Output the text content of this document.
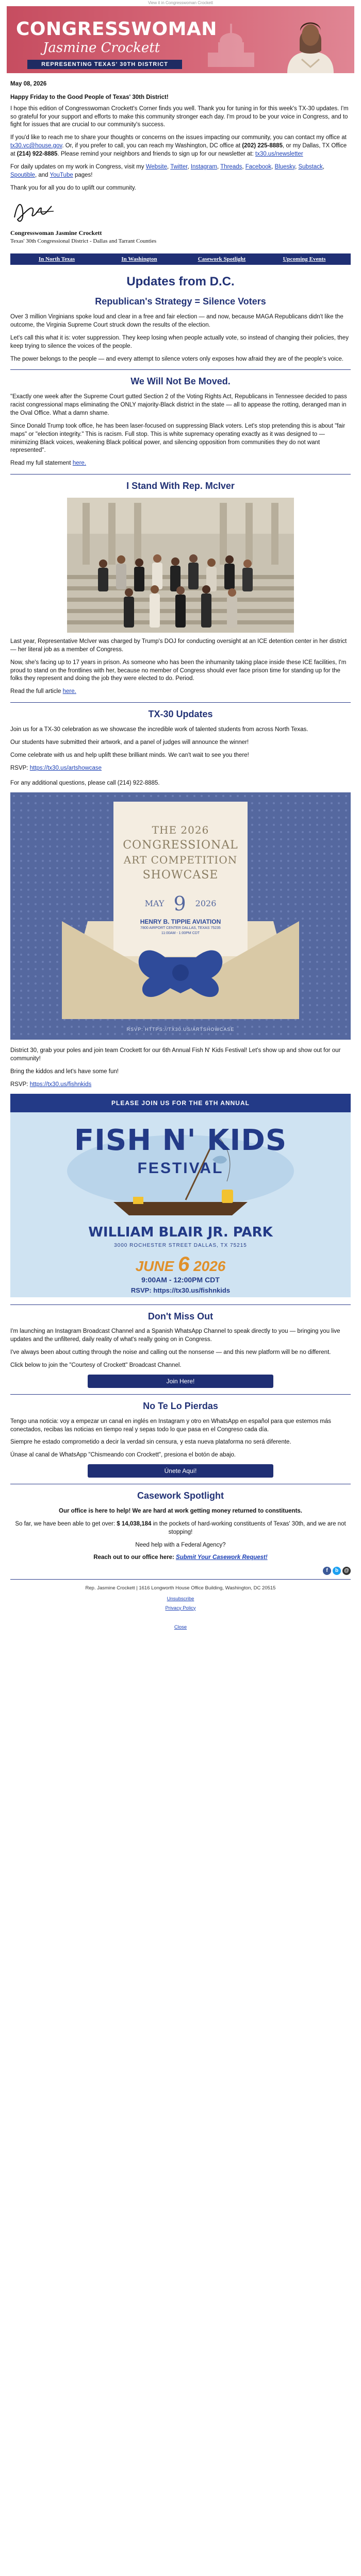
View it in Congresswoman Crockett
CONGRESSWOMAN
Jasmine Crockett
REPRESENTING TEXAS' 30TH DISTRICT
May 08, 2026
Happy Friday to the Good People of Texas' 30th District!
I hope this edition of Congresswoman Crockett's Corner finds you well. Thank you for tuning in for this week's TX-30 updates. I'm so grateful for your support and efforts to make this community stronger each day. I'm proud to be your voice in Congress, and to fight for issues that are crucial to our community's success.
If you'd like to reach me to share your thoughts or concerns on the issues impacting our community, you can contact my office at tx30.vc@house.gov. Or, if you prefer to call, you can reach my Washington, DC office at (202) 225-8885, or my Dallas, TX Office at (214) 922-8885. Please remind your neighbors and friends to sign up for our newsletter at: tx30.us/newsletter
For daily updates on my work in Congress, visit my Website, Twitter, Instagram, Threads, Facebook, Bluesky, Substack, Spoutible, and YouTube pages!
Thank you for all you do to uplift our community.
Congresswoman Jasmine Crockett
Texas' 30th Congressional District - Dallas and Tarrant Counties
In North Texas	In Washington	Casework Spotlight	Upcoming Events
Updates from D.C.
Republican's Strategy = Silence Voters
Over 3 million Virginians spoke loud and clear in a free and fair election — and now, because MAGA Republicans didn't like the outcome, the Virginia Supreme Court struck down the results of the election.
Let's call this what it is: voter suppression. They keep losing when people actually vote, so instead of changing their policies, they keep trying to silence the voices of the people.
The power belongs to the people — and every attempt to silence voters only exposes how afraid they are of the people's voice.
We Will Not Be Moved.
"Exactly one week after the Supreme Court gutted Section 2 of the Voting Rights Act, Republicans in Tennessee decided to pass racist congressional maps eliminating the ONLY majority-Black district in the state — all to appease the rotting, deranged man in the Oval Office. What a damn shame.
Since Donald Trump took office, he has been laser-focused on suppressing Black voters. Let's stop pretending this is about "fair maps" or "election integrity." This is racism. Full stop. This is white supremacy operating exactly as it was designed to — minimizing Black voices, weakening Black political power, and silencing opposition from communities they do not want represented".
Read my full statement here.
I Stand With Rep. McIver
Last year, Representative McIver was charged by Trump's DOJ for conducting oversight at an ICE detention center in her district — her literal job as a member of Congress.
Now, she's facing up to 17 years in prison. As someone who has been the inhumanity taking place inside these ICE facilities, I'm proud to stand on the frontlines with her, because no member of Congress should ever face prison time for standing up for the folks they represent and doing the job they were elected to do. Period.
Read the full article here.
TX-30 Updates
Join us for a TX-30 celebration as we showcase the incredible work of talented students from across North Texas.
Our students have submitted their artwork, and a panel of judges will announce the winner!
Come celebrate with us and help uplift these brilliant minds. We can't wait to see you there!
RSVP: https://tx30.us/artshowcase
For any additional questions, please call (214) 922-8885.
THE 2026
CONGRESSIONAL
ART COMPETITION
SHOWCASE
MAY 9 2026
HENRY B. TIPPIE AVIATION
7800 AIRPORT CENTER DALLAS, TEXAS 75235
11:00AM - 1:00PM CDT
RSVP: HTTPS://TX30.US/ARTSHOWCASE
District 30, grab your poles and join team Crockett for our 6th Annual Fish N' Kids Festival! Let's show up and show out for our community!
Bring the kiddos and let's have some fun!
RSVP: https://tx30.us/fishnkids
PLEASE JOIN US FOR THE 6TH ANNUAL
FISH N' KIDS
FESTIVAL
WILLIAM BLAIR JR. PARK
3000 ROCHESTER STREET DALLAS, TX 75215
JUNE 6 2026
9:00AM - 12:00PM CDT
RSVP: https://tx30.us/fishnkids
Don't Miss Out
I'm launching an Instagram Broadcast Channel and a Spanish WhatsApp Channel to speak directly to you — bringing you live updates and the unfiltered, daily reality of what's really going on in Congress.
I've always been about cutting through the noise and calling out the nonsense — and this new platform will be no different.
Click below to join the "Courtesy of Crockett" Broadcast Channel.
Join Here!
No Te Lo Pierdas
Tengo una noticia: voy a empezar un canal en inglés en Instagram y otro en WhatsApp en español para que estemos más conectados, recibas las noticias en tiempo real y sepas todo lo que pasa en el Congreso cada día.
Siempre he estado comprometido a decir la verdad sin censura, y esta nueva plataforma no será diferente.
Únase al canal de WhatsApp "Chismeando con Crockett", presiona el botón de abajo.
Únete Aquí!
Casework Spotlight
Our office is here to help! We are hard at work getting money returned to constituents.
So far, we have been able to get over: $ 14,038,184 in the pockets of hard-working constituents of Texas' 30th, and we are not stopping!
Need help with a Federal Agency?
Reach out to our office here: Submit Your Casework Request!
f	b	@
Rep. Jasmine Crockett | 1616 Longworth House Office Building, Washington, DC 20515
Unsubscribe
Privacy Policy
Close
